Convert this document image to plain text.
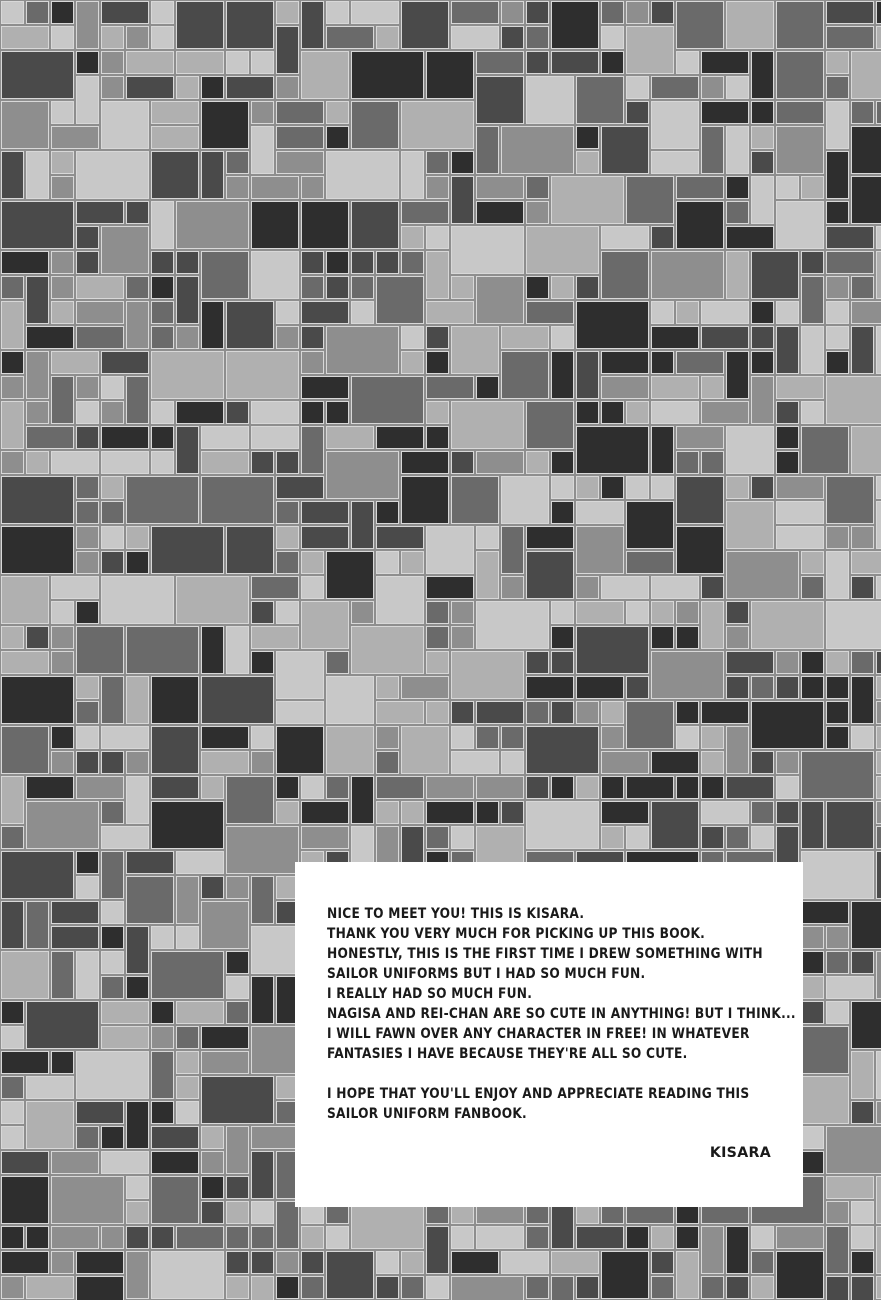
NICE TO MEET YOU! THIS IS KISARA.
THANK YOU VERY MUCH FOR PICKING UP THIS BOOK.
HONESTLY, THIS IS THE FIRST TIME I DREW SOMETHING WITH
SAILOR UNIFORMS BUT I HAD SO MUCH FUN.
I REALLY HAD SO MUCH FUN.
NAGISA AND REI-CHAN ARE SO CUTE IN ANYTHING! BUT I THINK...
I WILL FAWN OVER ANY CHARACTER IN FREE! IN WHATEVER
FANTASIES I HAVE BECAUSE THEY'RE ALL SO CUTE.
I HOPE THAT YOU'LL ENJOY AND APPRECIATE READING THIS
SAILOR UNIFORM FANBOOK.
KISARA
